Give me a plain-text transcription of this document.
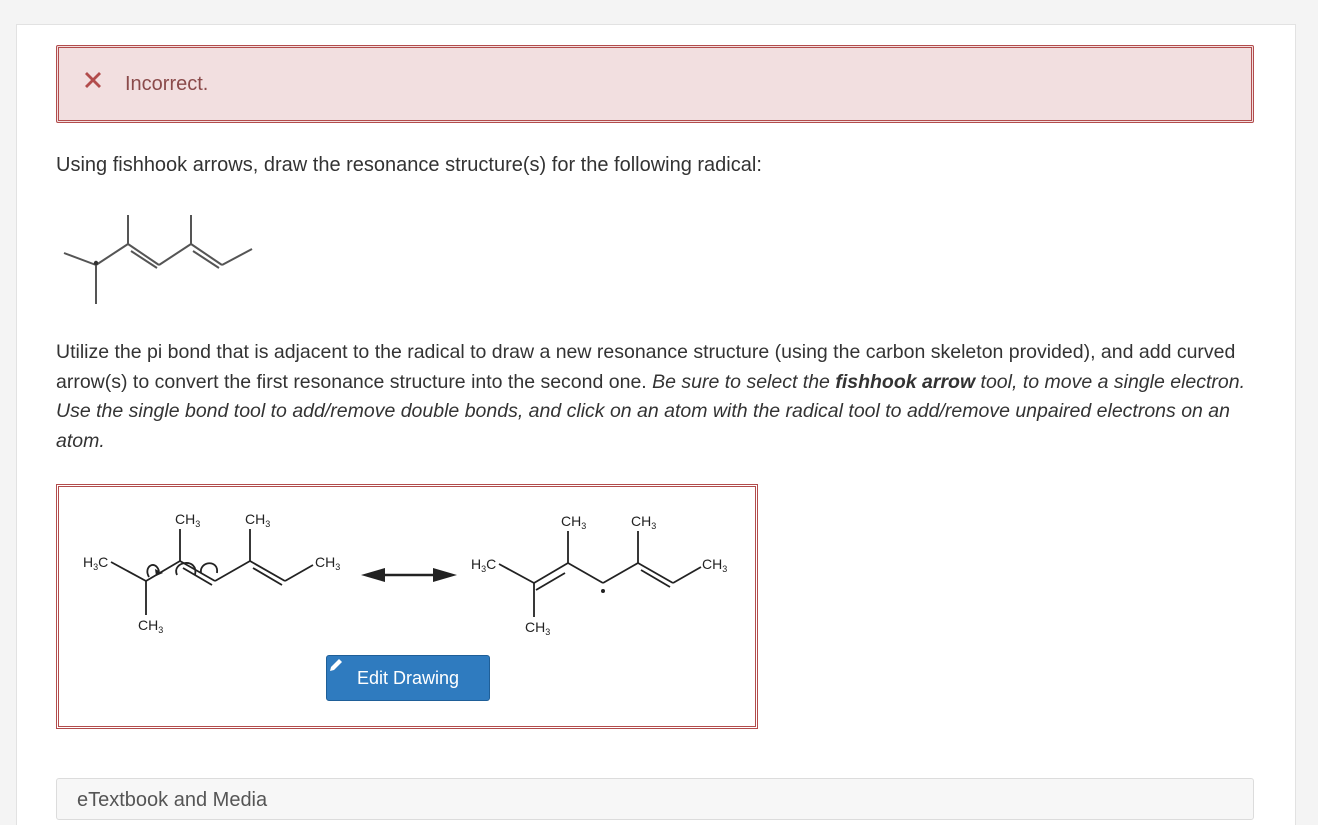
Incorrect.
Using fishhook arrows, draw the resonance structure(s) for the following radical:
Utilize the pi bond that is adjacent to the radical to draw a new resonance structure (using the carbon skeleton provided), and add curved arrow(s) to convert the first resonance structure into the second one. Be sure to select the fishhook arrow tool, to move a single electron. Use the single bond tool to add/remove double bonds, and click on an atom with the radical tool to add/remove unpaired electrons on an atom.
$H_3C$
$CH_3$	$CH_3$
$CH_3$
$CH_3$
$H_3C$
$CH_3$	$CH_3$
$CH_3$
$CH_3$
Edit Drawing
eTextbook and Media
